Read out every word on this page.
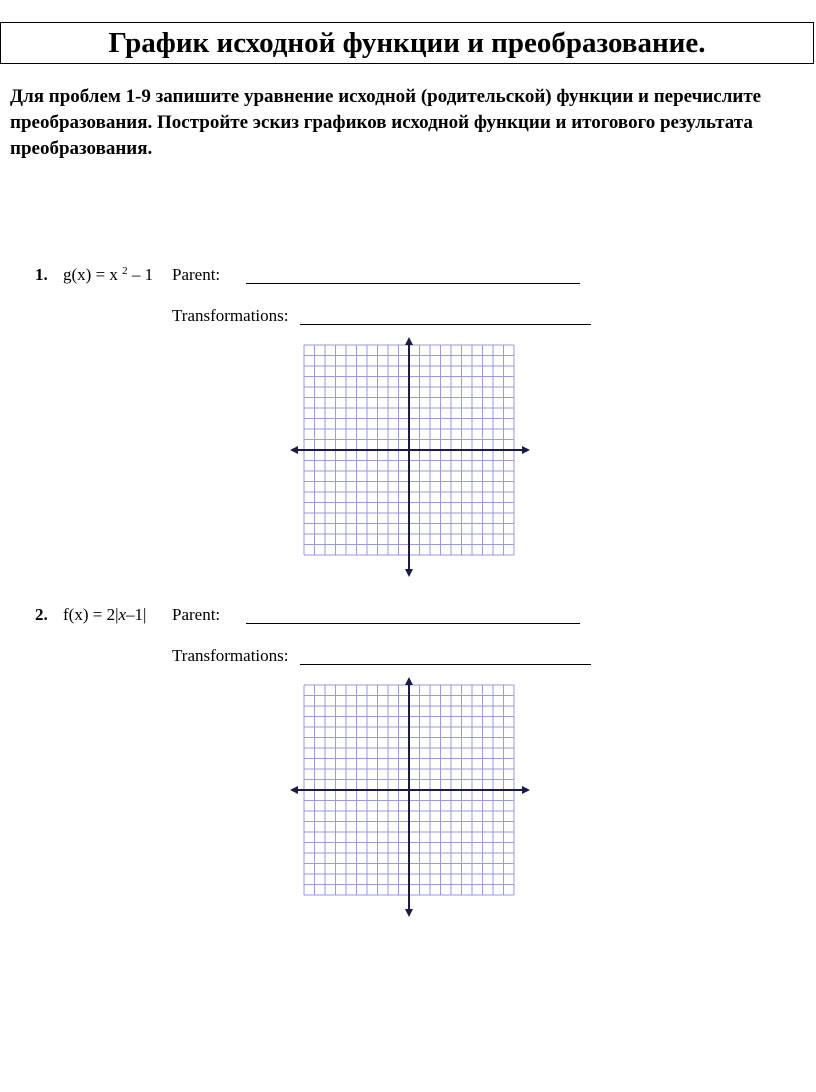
График исходной функции и преобразование.

Для проблем 1-9 запишите уравнение исходной (родительской) функции и перечислите преобразования. Постройте эскиз графиков исходной функции и итогового результата преобразования.

1. g(x) = x $^2$ – 1 Parent:
Transformations:
2. f(x) = 2|x–1| Parent:
Transformations:
